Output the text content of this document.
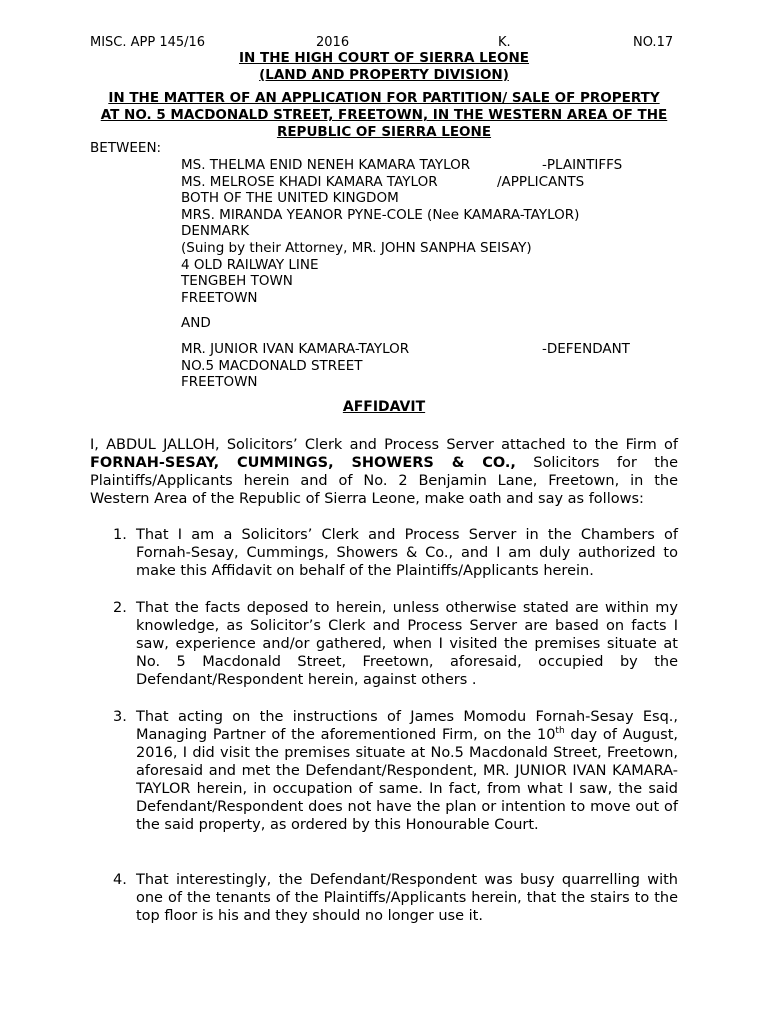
MISC. APP 145/16	2016	K.	NO.17
IN THE HIGH COURT OF SIERRA LEONE
(LAND AND PROPERTY DIVISION)
IN THE MATTER OF AN APPLICATION FOR PARTITION/ SALE OF PROPERTY
AT NO. 5 MACDONALD STREET, FREETOWN, IN THE WESTERN AREA OF THE
REPUBLIC OF SIERRA LEONE
BETWEEN:
MS. THELMA ENID NENEH KAMARA TAYLOR
MS. MELROSE KHADI KAMARA TAYLOR
BOTH OF THE UNITED KINGDOM
MRS. MIRANDA YEANOR PYNE-COLE (Nee KAMARA-TAYLOR)
DENMARK
(Suing by their Attorney, MR. JOHN SANPHA SEISAY)
4 OLD RAILWAY LINE
TENGBEH TOWN
FREETOWN
-PLAINTIFFS
/APPLICANTS
AND
MR. JUNIOR IVAN KAMARA-TAYLOR
NO.5 MACDONALD STREET
FREETOWN
-DEFENDANT
AFFIDAVIT
I, ABDUL JALLOH, Solicitors’ Clerk and Process Server attached to the Firm of FORNAH-SESAY, CUMMINGS, SHOWERS & CO., Solicitors for the Plaintiffs/Applicants herein and of No. 2 Benjamin Lane, Freetown, in the Western Area of the Republic of Sierra Leone, make oath and say as follows:
1. That I am a Solicitors’ Clerk and Process Server in the Chambers of Fornah-Sesay, Cummings, Showers & Co., and I am duly authorized to make this Affidavit on behalf of the Plaintiffs/Applicants herein.
2. That the facts deposed to herein, unless otherwise stated are within my knowledge, as Solicitor’s Clerk and Process Server are based on facts I saw, experience and/or gathered, when I visited the premises situate at No. 5 Macdonald Street, Freetown, aforesaid, occupied by the Defendant/Respondent herein, against others .
3. That acting on the instructions of James Momodu Fornah-Sesay Esq., Managing Partner of the aforementioned Firm, on the 10th day of August, 2016, I did visit the premises situate at No.5 Macdonald Street, Freetown, aforesaid and met the Defendant/Respondent, MR. JUNIOR IVAN KAMARA-TAYLOR herein, in occupation of same. In fact, from what I saw, the said Defendant/Respondent does not have the plan or intention to move out of the said property, as ordered by this Honourable Court.
4. That interestingly, the Defendant/Respondent was busy quarrelling with one of the tenants of the Plaintiffs/Applicants herein, that the stairs to the top floor is his and they should no longer use it.
